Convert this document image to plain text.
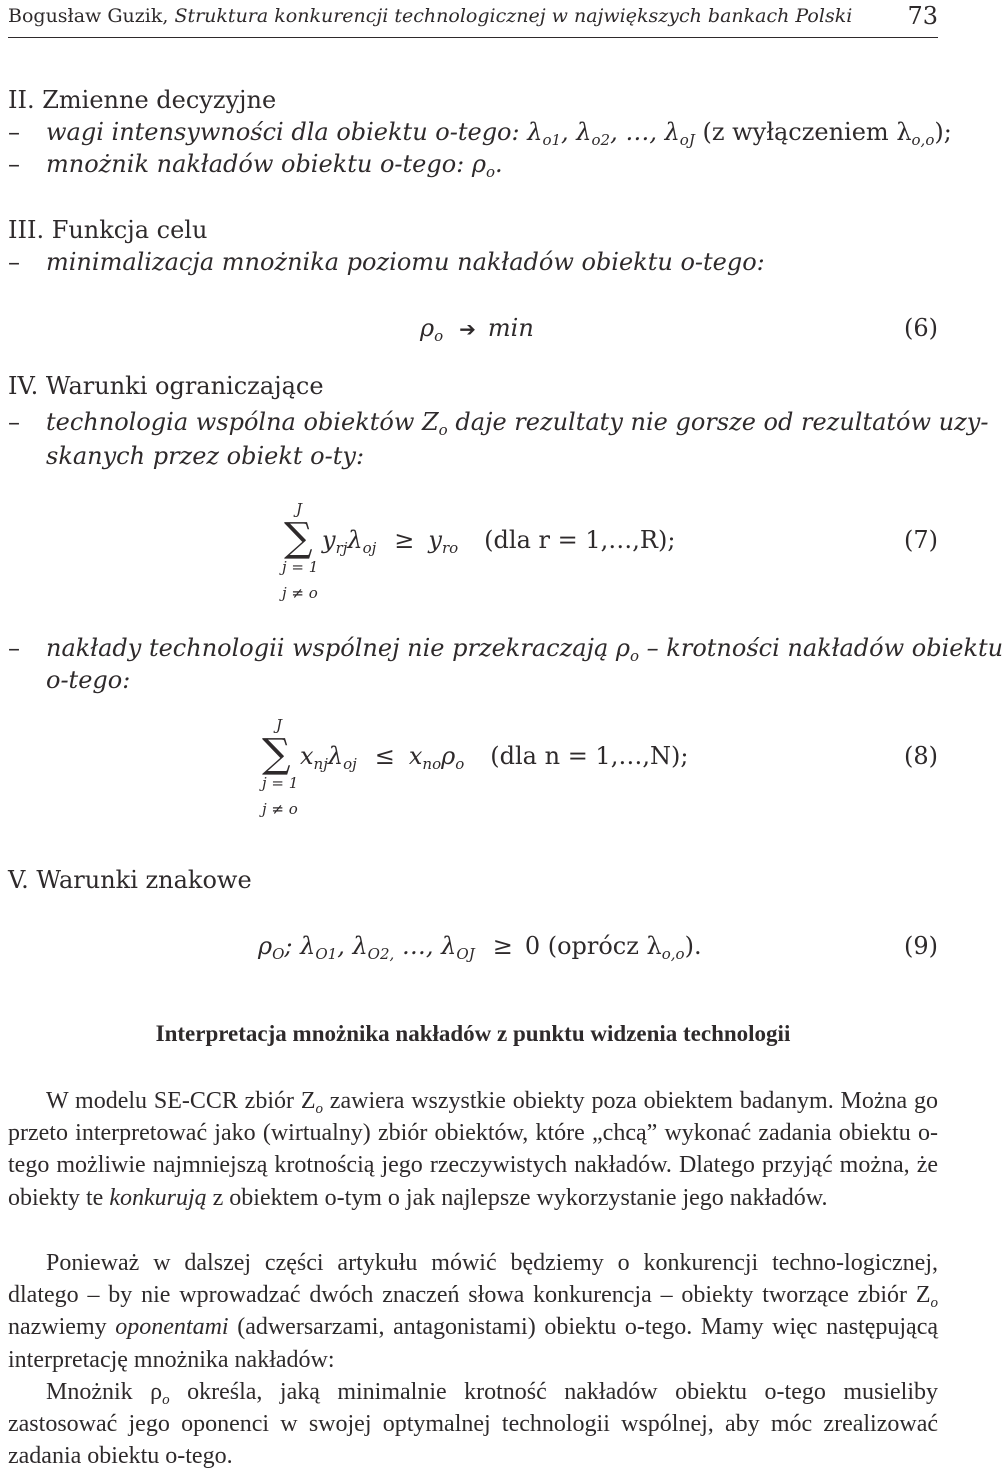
Bogusław Guzik, Struktura konkurencji technologicznej w największych bankach Polski 73
II. Zmienne decyzyjne
– wagi intensywności dla obiektu o-tego: $\lambda_{o1}$, $\lambda_{o2}$, …, $\lambda_{oJ}$ (z wyłączeniem $\lambda_{o,o}$);
– mnożnik nakładów obiektu o-tego: $\rho_o$.
III. Funkcja celu
– minimalizacja mnożnika poziomu nakładów obiektu o-tego:
$\rho_o$ ➔ min	(6)
IV. Warunki ograniczające
– technologia wspólna obiektów $Z_o$ daje rezultaty nie gorsze od rezultatów uzy-
skanych przez obiekt o-ty:
J
∑
j = 1
j ≠ o
$y_{rj}\lambda_{oj} \ge y_{ro}$ (dla r = 1,…,R);	(7)
– nakłady technologii wspólnej nie przekraczają $\rho_o$ – krotności nakładów obiektu
o-tego:
J
∑
j = 1
j ≠ o
$x_{nj}\lambda_{oj} \le x_{no}\rho_o$ (dla n = 1,…,N);	(8)
V. Warunki znakowe
$\rho_O$; $\lambda_{O1}$, $\lambda_{O2,}$ …, $\lambda_{OJ} \ge 0$ (oprócz $\lambda_{o,o}$).	(9)
Interpretacja mnożnika nakładów z punktu widzenia technologii

W modelu SE-CCR zbiór $Z_o$ zawiera wszystkie obiekty poza obiektem badanym. Można go przeto interpretować jako (wirtualny) zbiór obiektów, które „chcą” wykonać zadania obiektu o-tego możliwie najmniejszą krotnością jego rzeczywistych nakładów. Dlatego przyjąć można, że obiekty te konkurują z obiektem o-tym o jak najlepsze wykorzystanie jego nakładów.

Ponieważ w dalszej części artykułu mówić będziemy o konkurencji techno-logicznej, dlatego – by nie wprowadzać dwóch znaczeń słowa konkurencja – obiekty tworzące zbiór $Z_o$ nazwiemy oponentami (adwersarzami, antagonistami) obiektu o-tego. Mamy więc następującą interpretację mnożnika nakładów:

Mnożnik $\rho_o$ określa, jaką minimalnie krotność nakładów obiektu o-tego musieliby zastosować jego oponenci w swojej optymalnej technologii wspólnej, aby móc zrealizować zadania obiektu o-tego.
